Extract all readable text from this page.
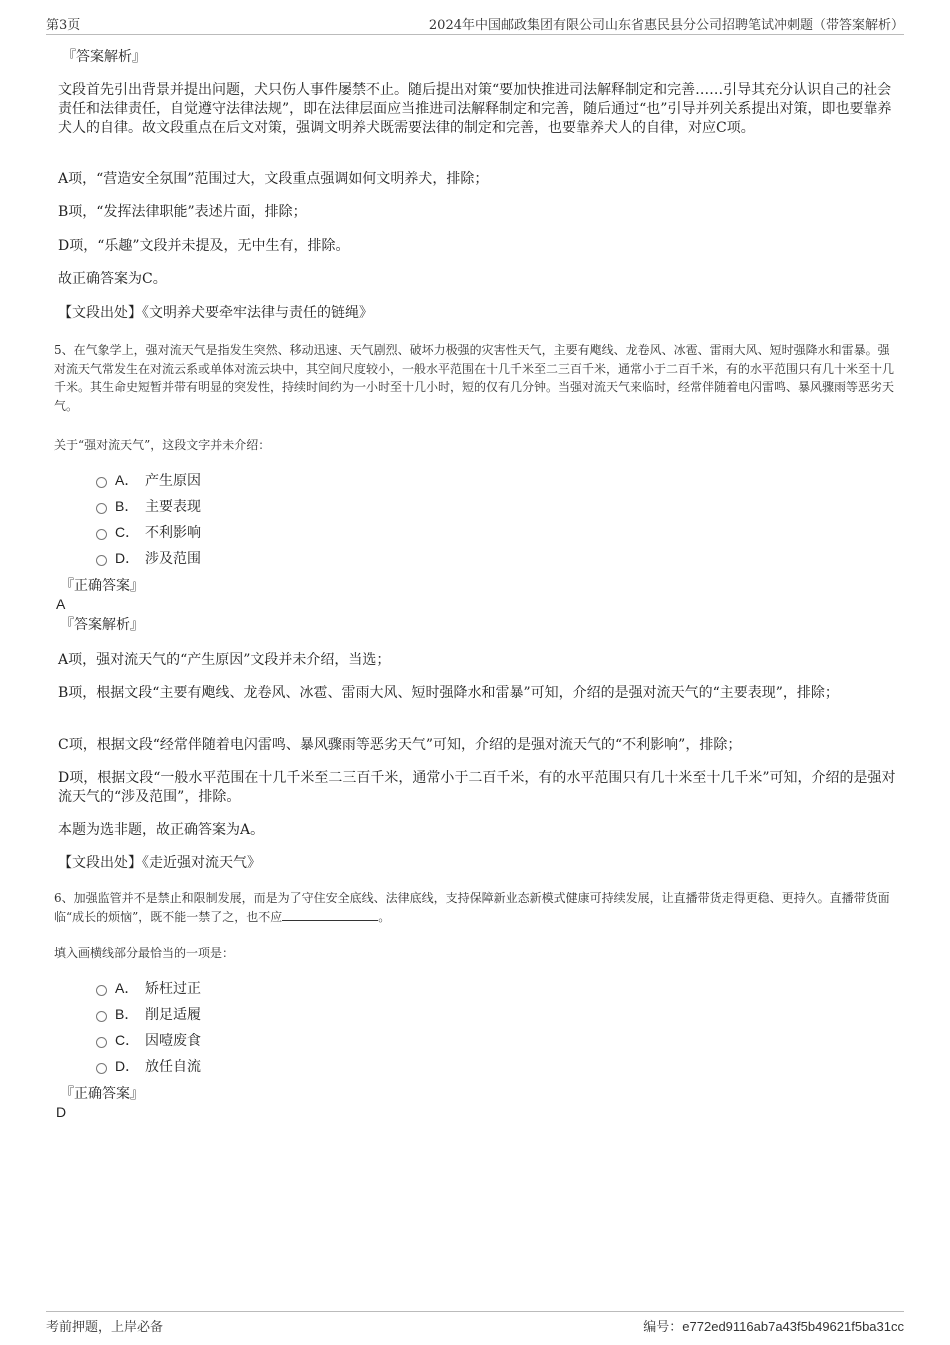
第3页	2024年中国邮政集团有限公司山东省惠民县分公司招聘笔试冲刺题（带答案解析）
『答案解析』

文段首先引出背景并提出问题，犬只伤人事件屡禁不止。随后提出对策“要加快推进司法解释制定和完善……引导其充分认识自己的社会责任和法律责任，自觉遵守法律法规”，即在法律层面应当推进司法解释制定和完善，随后通过“也”引导并列关系提出对策，即也要靠养犬人的自律。故文段重点在后文对策，强调文明养犬既需要法律的制定和完善，也要靠养犬人的自律，对应C项。

A项，“营造安全氛围”范围过大，文段重点强调如何文明养犬，排除；

B项，“发挥法律职能”表述片面，排除；

D项，“乐趣”文段并未提及，无中生有，排除。

故正确答案为C。

【文段出处】《文明养犬要牵牢法律与责任的链绳》

5、在气象学上，强对流天气是指发生突然、移动迅速、天气剧烈、破坏力极强的灾害性天气，主要有飑线、龙卷风、冰雹、雷雨大风、短时强降水和雷暴。强对流天气常发生在对流云系或单体对流云块中，其空间尺度较小，一般水平范围在十几千米至二三百千米，通常小于二百千米，有的水平范围只有几十米至十几千米。其生命史短暂并带有明显的突发性，持续时间约为一小时至十几小时，短的仅有几分钟。当强对流天气来临时，经常伴随着电闪雷鸣、暴风骤雨等恶劣天气。

关于“强对流天气”，这段文字并未介绍：

A． 产生原因
B． 主要表现
C． 不利影响
D． 涉及范围
『正确答案』
A
『答案解析』

A项，强对流天气的“产生原因”文段并未介绍，当选；

B项，根据文段“主要有飑线、龙卷风、冰雹、雷雨大风、短时强降水和雷暴”可知，介绍的是强对流天气的“主要表现”，排除；

C项，根据文段“经常伴随着电闪雷鸣、暴风骤雨等恶劣天气”可知，介绍的是强对流天气的“不利影响”，排除；

D项，根据文段“一般水平范围在十几千米至二三百千米，通常小于二百千米，有的水平范围只有几十米至十几千米”可知，介绍的是强对流天气的“涉及范围”，排除。

本题为选非题，故正确答案为A。

【文段出处】《走近强对流天气》

6、加强监管并不是禁止和限制发展，而是为了守住安全底线、法律底线，支持保障新业态新模式健康可持续发展，让直播带货走得更稳、更持久。直播带货面临“成长的烦恼”，既不能一禁了之，也不应	。

填入画横线部分最恰当的一项是：

A． 矫枉过正
B． 削足适履
C． 因噎废食
D． 放任自流
『正确答案』
D
考前押题，上岸必备	编号：e772ed9116ab7a43f5b49621f5ba31cc
